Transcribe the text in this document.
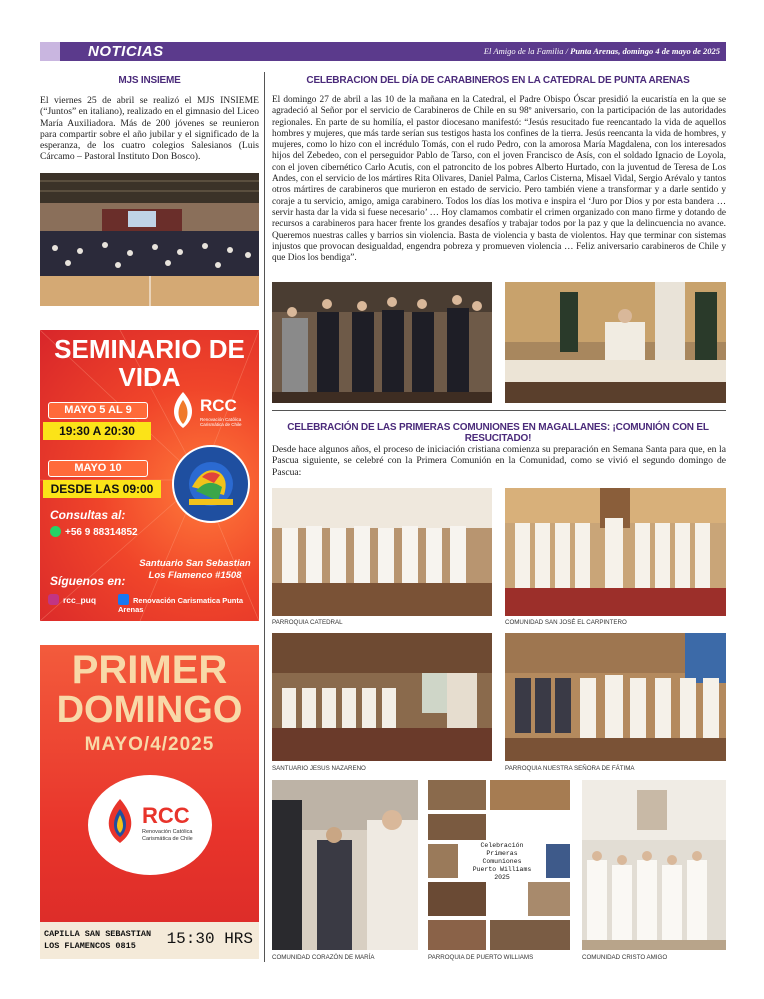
NOTICIAS	El Amigo de la Familia / Punta Arenas, domingo 4 de mayo de 2025
MJS INSIEME

El viernes 25 de abril se realizó el MJS INSIEME (“Juntos” en italiano), realizado en el gimnasio del Liceo María Auxiliadora. Más de 200 jóvenes se reunieron para compartir sobre el año jubilar y el significado de la esperanza, de los cuatro colegios Salesianos (Luis Cárcamo – Pastoral Instituto Don Bosco).

SEMINARIO DE
VIDA
RCC
Renovación Católica Carismática de Chile
MAYO 5 AL 9
19:30 A 20:30
MAYO 10
DESDE LAS 09:00
Consultas al:
+56 9 88314852
Santuario San Sebastian
Los Flamenco #1508
Síguenos en:
rcc_puq	Renovación Carismatica Punta Arenas
PRIMER
DOMINGO
MAYO/4/2025
RCC
Renovación Católica
Carismática de Chile
CAPILLA SAN SEBASTIAN
LOS FLAMENCOS 0815	15:30 HRS
CELEBRACION DEL DÍA DE CARABINEROS EN LA CATEDRAL DE PUNTA ARENAS

El domingo 27 de abril a las 10 de la mañana en la Catedral, el Padre Obispo Óscar presidió la eucaristía en la que se agradeció al Señor por el servicio de Carabineros de Chile en su 98º aniversario, con la participación de las autoridades regionales. En parte de su homilía, el pastor diocesano manifestó: “Jesús resucitado fue reencantado la vida de aquellos hombres y mujeres, que más tarde serían sus testigos hasta los confines de la tierra. Jesús reencanta la vida de hombres, y mujeres, como lo hizo con el incrédulo Tomás, con el rudo Pedro, con la amorosa María Magdalena, con los interesados hijos del Zebedeo, con el perseguidor Pablo de Tarso, con el joven Francisco de Asís, con el soldado Ignacio de Loyola, con el joven cibernético Carlo Acutis, con el patroncito de los pobres Alberto Hurtado, con la juventud de Teresa de Los Andes, con el servicio de los mártires Rita Olivares, Daniel Palma, Carlos Cisterna, Misael Vidal, Sergio Arévalo y tantos otros mártires de carabineros que murieron en estado de servicio. Pero también viene a transformar y a darle sentido y coraje a tu servicio, amigo, amiga carabinero. Todos los días los motiva e inspira el ‘Juro por Dios y por esta bandera …servir hasta dar la vida si fuese necesario’ … Hoy clamamos combatir el crimen organizado con mano firme y dotando de recursos a carabineros para hacer frente los grandes desafíos y trabajar todos por la paz y que la delincuencia no avance. Queremos nuestras calles y barrios sin violencia. Basta de violencia y basta de violentos. Hay que terminar con sistemas injustos que provocan desigualdad, engendra pobreza y promueven violencia … Feliz aniversario carabineros de Chile y que Dios los bendiga”.

CELEBRACIÓN DE LAS PRIMERAS COMUNIONES EN MAGALLANES: ¡COMUNIÓN CON EL RESUCITADO!

Desde hace algunos años, el proceso de iniciación cristiana comienza su preparación en Semana Santa para que, en la Pascua siguiente, se celebré con la Primera Comunión en la Comunidad, como se vivió el segundo domingo de Pascua:

PARROQUIA CATEDRAL	COMUNIDAD SAN JOSÉ EL CARPINTERO
SANTUARIO JESUS NAZARENO	PARROQUIA NUESTRA SEÑORA DE FÁTIMA
COMUNIDAD CORAZÓN DE MARÍA
Celebración
Primeras
Comuniones
Puerto Williams
2025
PARROQUIA DE PUERTO WILLIAMS	COMUNIDAD CRISTO AMIGO
